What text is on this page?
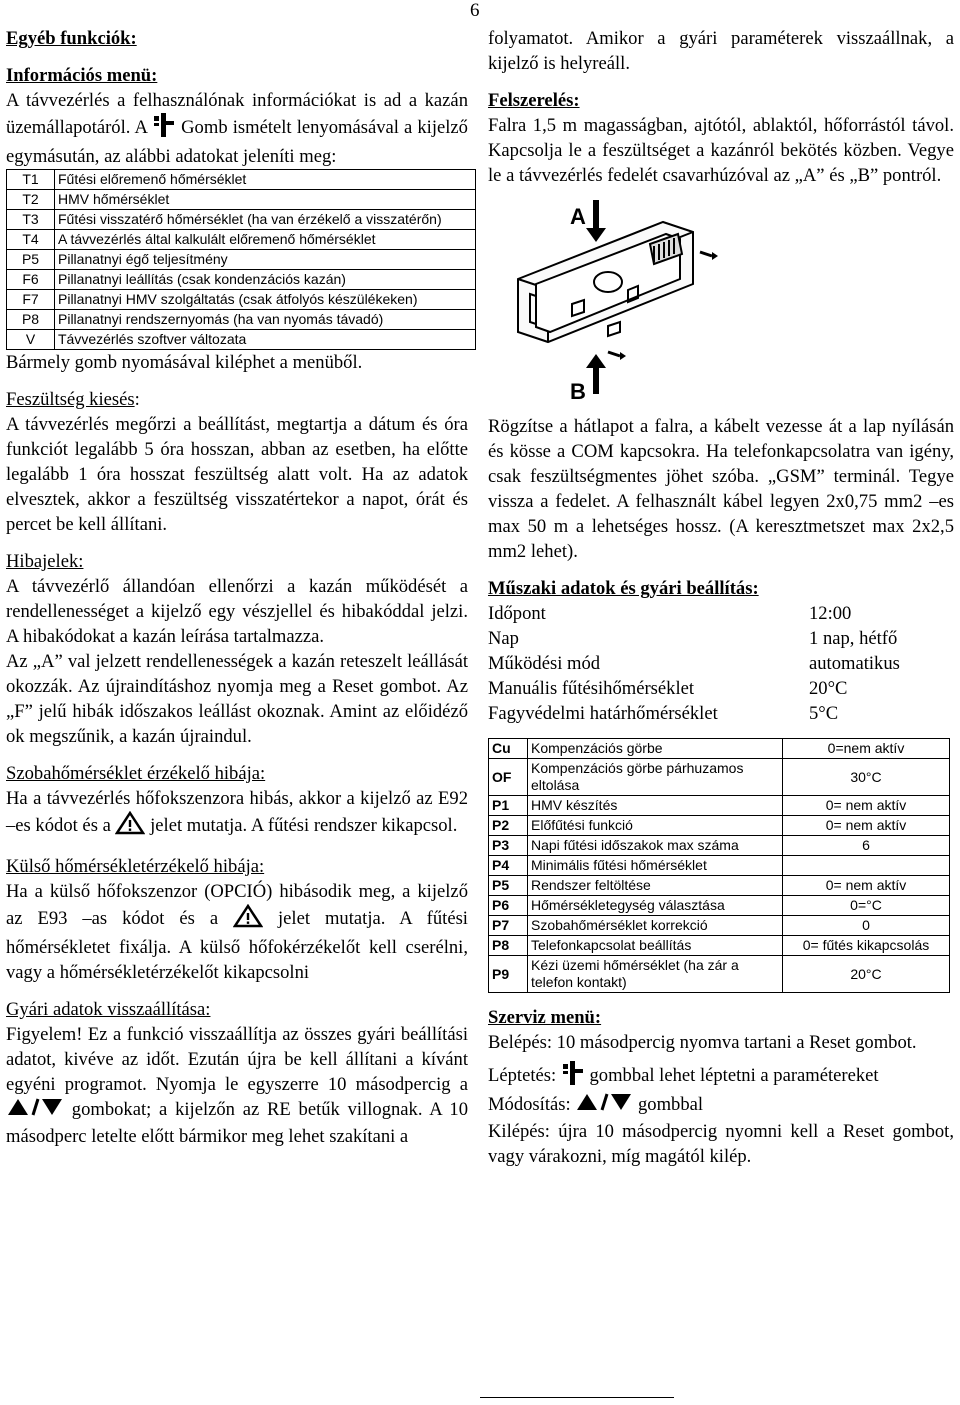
6

Egyéb funkciók:

Információs menü:

A távvezérlés a felhasználónak információkat is ad a kazán üzemállapotáról. A Gomb ismételt lenyomásával a kijelző egymásután, az alábbi adatokat jeleníti meg:

T1	Fűtési előremenő hőmérséklet
T2	HMV hőmérséklet
T3	Fűtési visszatérő hőmérséklet (ha van érzékelő a visszatérőn)
T4	A távvezérlés által kalkulált előremenő hőmérséklet
P5	Pillanatnyi égő teljesítmény
F6	Pillanatnyi leállítás (csak kondenzációs kazán)
F7	Pillanatnyi HMV szolgáltatás (csak átfolyós készülékeken)
P8	Pillanatnyi rendszernyomás (ha van nyomás távadó)
V	Távvezérlés szoftver változata

Bármely gomb nyomásával kiléphet a menüből.

Feszültség kiesés:

A távvezérlés megőrzi a beállítást, megtartja a dátum és óra funkciót legalább 5 óra hosszan, abban az esetben, ha előtte legalább 1 óra hosszat feszültség alatt volt. Ha az adatok elvesztek, akkor a feszültség visszatértekor a napot, órát és percet be kell állítani.

Hibajelek:

A távvezérlő állandóan ellenőrzi a kazán működését a rendellenességet a kijelző egy vészjellel és hibakóddal jelzi. A hibakódokat a kazán leírása tartalmazza.

Az „A” val jelzett rendellenességek a kazán reteszelt leállását okozzák. Az újraindításhoz nyomja meg a Reset gombot. Az „F” jelű hibák időszakos leállást okoznak. Amint az előidéző ok megszűnik, a kazán újraindul.

Szobahőmérséklet érzékelő hibája:

Ha a távvezérlés hőfokszenzora hibás, akkor a kijelző az E92 –es kódot és a jelet mutatja. A fűtési rendszer kikapcsol.

Külső hőmérsékletérzékelő hibája:

Ha a külső hőfokszenzor (OPCIÓ) hibásodik meg, a kijelző az E93 –as kódot és a	jelet mutatja. A fűtési hőmérsékletet fixálja. A külső hőfokérzékelőt kell cserélni, vagy a hőmérsékletérzékelőt kikapcsolni

Gyári adatok visszaállítása:

Figyelem! Ez a funkció visszaállítja az összes gyári beállítási adatot, kivéve az időt. Ezután újra be kell állítani a kívánt egyéni programot. Nyomja le egyszerre 10 másodpercig a  gombokat; a kijelzőn az RE betűk villognak. A 10 másodperc letelte előtt bármikor meg lehet szakítani a

folyamatot. Amikor a gyári paraméterek visszaállnak, a kijelző is helyreáll.

Felszerelés:

Falra 1,5 m magasságban, ajtótól, ablaktól, hőforrástól távol. Kapcsolja le a feszültséget a kazánról bekötés közben. Vegye le a távvezérlés fedelét csavarhúzóval az „A” és „B” pontról.

A
B

Rögzítse a hátlapot a falra, a kábelt vezesse át a lap nyílásán és kösse a COM kapcsokra. Ha telefonkapcsolatra van igény, csak feszültségmentes jöhet szóba. „GSM” terminál. Tegye vissza a fedelet. A felhasznált kábel legyen 2x0,75 mm2 –es max 50 m a lehetséges hossz. (A keresztmetszet max 2x2,5 mm2 lehet).

Műszaki adatok és gyári beállítás:

Időpont	12:00
Nap	1 nap, hétfő
Működési mód	automatikus
Manuális fűtésihőmérséklet	20°C
Fagyvédelmi határhőmérséklet	5°C
Cu	Kompenzációs görbe	0=nem aktív
OF	Kompenzációs görbe párhuzamos eltolása	30°C
P1	HMV készítés	0= nem aktív
P2	Előfűtési funkció	0= nem aktív
P3	Napi fűtési időszakok max száma	6
P4	Minimális fűtési hőmérséklet	
P5	Rendszer feltöltése	0= nem aktív
P6	Hőmérsékletegység választása	0=°C
P7	Szobahőmérséklet korrekció	0
P8	Telefonkapcsolat beállítás	0= fűtés kikapcsolás
P9	Kézi üzemi hőmérséklet (ha zár a telefon kontakt)	20°C

Szerviz menü:

Belépés: 10 másodpercig nyomva tartani a Reset gombot.

Léptetés: gombbal lehet léptetni a paramétereket

Módosítás:	gombbal

Kilépés: újra 10 másodpercig nyomni kell a Reset gombot, vagy várakozni, míg magától kilép.
